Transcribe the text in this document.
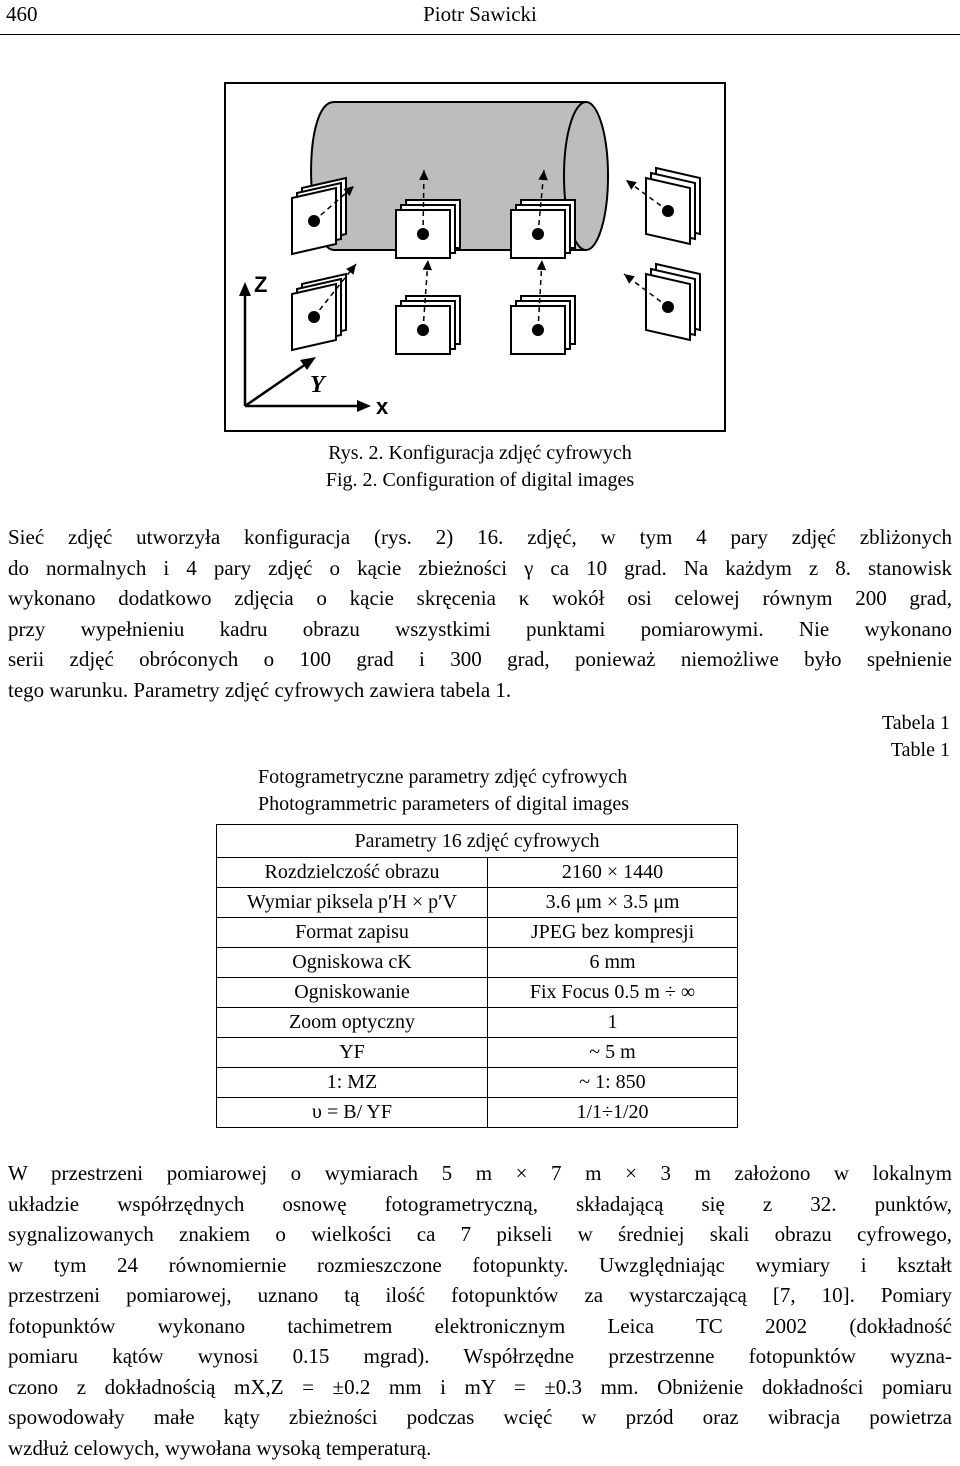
460	Piotr Sawicki
Z
Y
x
Rys. 2. Konfiguracja zdjęć cyfrowych
Fig. 2. Configuration of digital images
Sieć zdjęć utworzyła konfiguracja (rys. 2) 16. zdjęć, w tym 4 pary zdjęć zbliżonych
do normalnych i 4 pary zdjęć o kącie zbieżności γ ca 10 grad. Na każdym z 8. stanowisk
wykonano dodatkowo zdjęcia o kącie skręcenia κ wokół osi celowej równym 200 grad,
przy wypełnieniu kadru obrazu wszystkimi punktami pomiarowymi. Nie wykonano
serii zdjęć obróconych o 100 grad i 300 grad, ponieważ niemożliwe było spełnienie
tego warunku. Parametry zdjęć cyfrowych zawiera tabela 1.
Tabela 1
Table 1
Fotogrametryczne parametry zdjęć cyfrowych
Photogrammetric parameters of digital images
Parametry 16 zdjęć cyfrowych	
Rozdzielczość obrazu	2160 × 1440
Wymiar piksela p′H × p′V	3.6 μm × 3.5 μm
Format zapisu	JPEG bez kompresji
Ogniskowa cK	6 mm
Ogniskowanie	Fix Focus 0.5 m ÷ ∞
Zoom optyczny	1
YF	~ 5 m
1: MZ	~ 1: 850
υ = B/ YF	1/1÷1/20
W przestrzeni pomiarowej o wymiarach 5 m × 7 m × 3 m założono w lokalnym
układzie współrzędnych osnowę fotogrametryczną, składającą się z 32. punktów,
sygnalizowanych znakiem o wielkości ca 7 pikseli w średniej skali obrazu cyfrowego,
w tym 24 równomiernie rozmieszczone fotopunkty. Uwzględniając wymiary i kształt
przestrzeni pomiarowej, uznano tą ilość fotopunktów za wystarczającą [7, 10]. Pomiary
fotopunktów wykonano tachimetrem elektronicznym Leica TC 2002 (dokładność
pomiaru kątów wynosi 0.15 mgrad). Współrzędne przestrzenne fotopunktów wyzna-
czono z dokładnością mX,Z = ±0.2 mm i mY = ±0.3 mm. Obniżenie dokładności pomiaru
spowodowały małe kąty zbieżności podczas wcięć w przód oraz wibracja powietrza
wzdłuż celowych, wywołana wysoką temperaturą.
